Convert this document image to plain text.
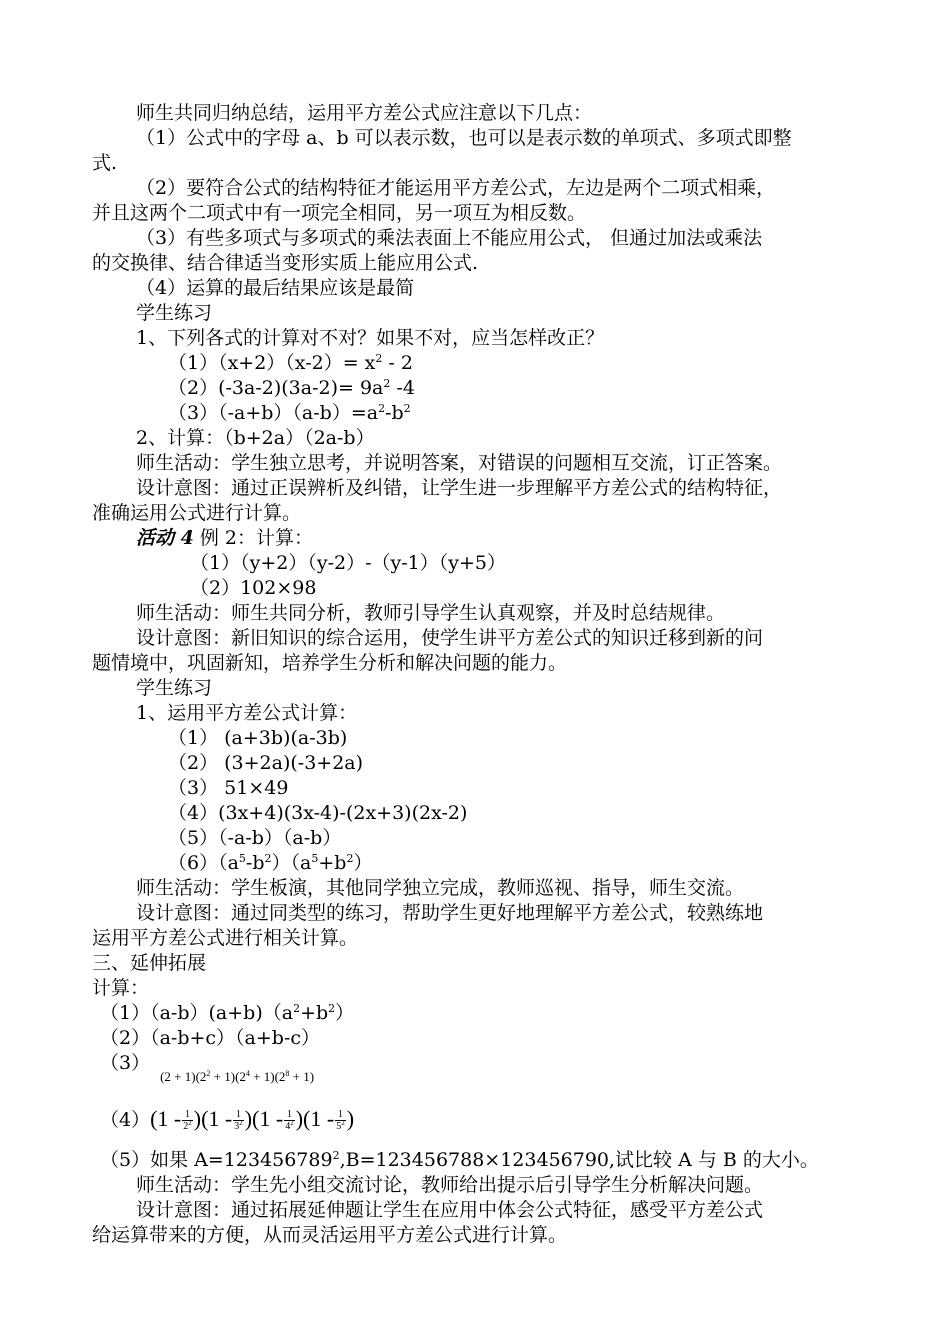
师生共同归纳总结，运用平方差公式应注意以下几点：
（1）公式中的字母 a、b 可以表示数，也可以是表示数的单项式、多项式即整
式.
（2）要符合公式的结构特征才能运用平方差公式，左边是两个二项式相乘，
并且这两个二项式中有一项完全相同，另一项互为相反数。
（3）有些多项式与多项式的乘法表面上不能应用公式， 但通过加法或乘法
的交换律、结合律适当变形实质上能应用公式.
（4）运算的最后结果应该是最简
学生练习
1、下列各式的计算对不对？如果不对，应当怎样改正？
$(1)(x+2)(x-2)= x^2 - 2$
$(2)(-3a-2)(3a-2)= 9a^2$ -4
$(3)(-a+b)(a-b)=a^2-b^2$
2、计算：（b+2a）（2a-b）
师生活动：学生独立思考，并说明答案，对错误的问题相互交流，订正答案。
设计意图：通过正误辨析及纠错，让学生进一步理解平方差公式的结构特征，
准确运用公式进行计算。
活动 4 例 2：计算：
（1）（y+2）（y-2）-（y-1）（y+5）
（2）102×98
师生活动：师生共同分析，教师引导学生认真观察，并及时总结规律。
设计意图：新旧知识的综合运用，使学生讲平方差公式的知识迁移到新的问
题情境中，巩固新知，培养学生分析和解决问题的能力。
学生练习
1、运用平方差公式计算：
（1） (a+3b)(a-3b)
（2） (3+2a)(-3+2a)
（3） 51×49
（4）(3x+4)(3x-4)-(2x+3)(2x-2)
（5）（-a-b）（a-b）
$(6)(a^5-b^2)(a^5+b^2)$
师生活动：学生板演，其他同学独立完成，教师巡视、指导，师生交流。
设计意图：通过同类型的练习，帮助学生更好地理解平方差公式，较熟练地
运用平方差公式进行相关计算。
三、延伸拓展
计算：
$(1)(a-b)(a+b)(a^2+b^2)$
（2）（a-b+c）（a+b-c）
$(3)_{(2 + 1)(2^2 + 1)(2^4 + 1)(2^8 + 1)}$
$(4)(1 - \frac{1}{2^2} )(1 - \frac{1}{3^2} )(1 - \frac{1}{4^2} )(1 - \frac{1}{5^2}$ )
（5）如果 $A=123456789^2,B=123456788\times 123456790$,试比较 A 与 B 的大小。
师生活动：学生先小组交流讨论，教师给出提示后引导学生分析解决问题。
设计意图：通过拓展延伸题让学生在应用中体会公式特征，感受平方差公式
给运算带来的方便，从而灵活运用平方差公式进行计算。
